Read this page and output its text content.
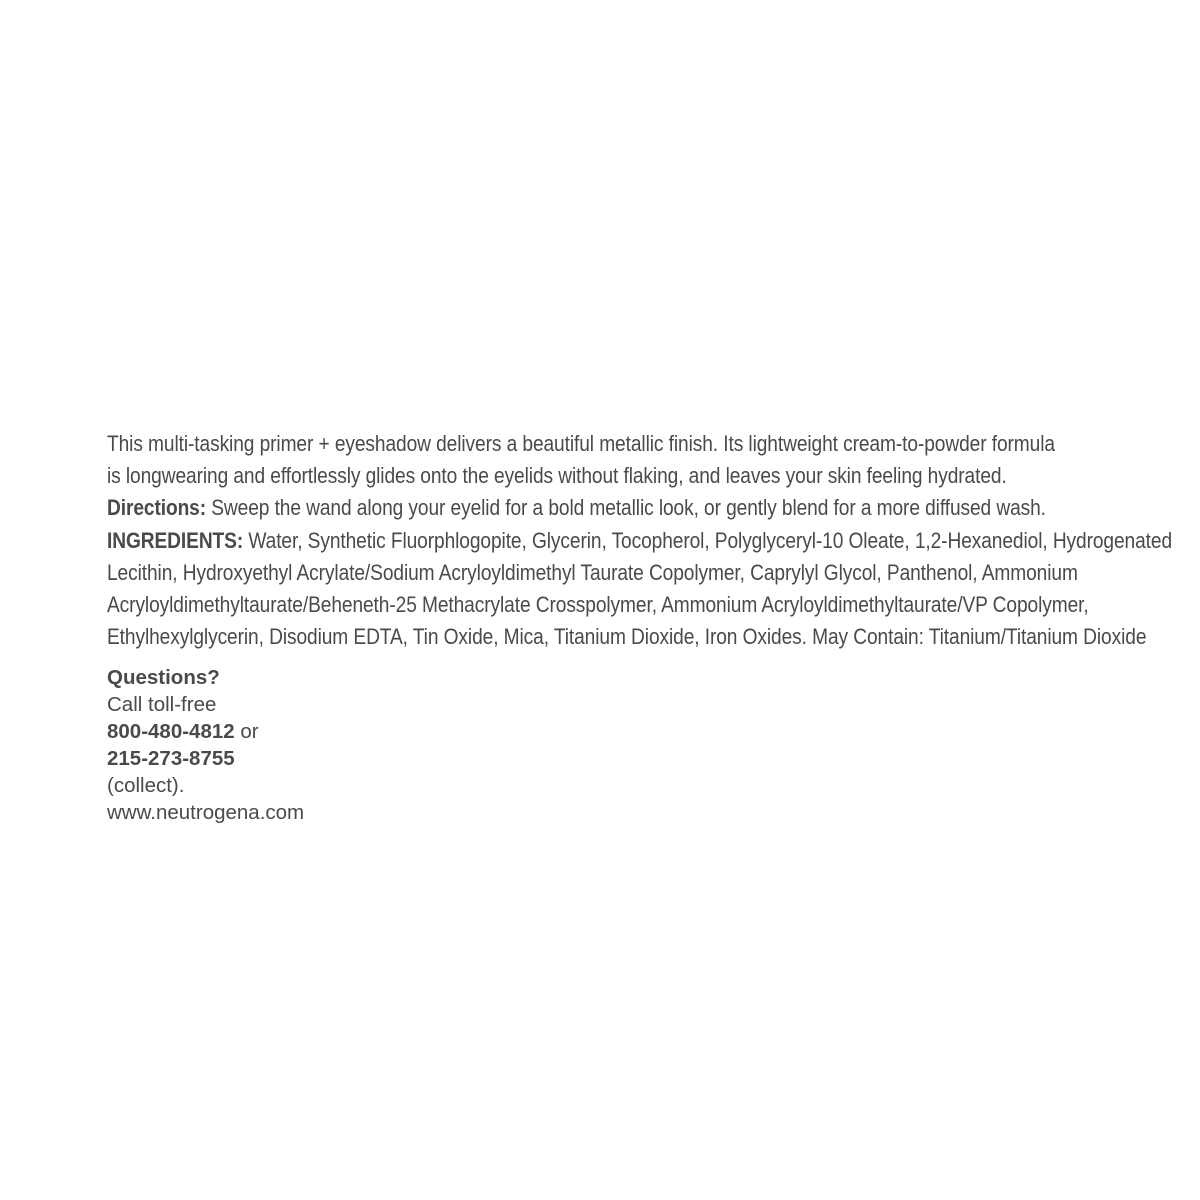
This multi-tasking primer + eyeshadow delivers a beautiful metallic finish. Its lightweight cream-to-powder formula
is longwearing and effortlessly glides onto the eyelids without flaking, and leaves your skin feeling hydrated.
Directions: Sweep the wand along your eyelid for a bold metallic look, or gently blend for a more diffused wash.
INGREDIENTS: Water, Synthetic Fluorphlogopite, Glycerin, Tocopherol, Polyglyceryl-10 Oleate, 1,2-Hexanediol, Hydrogenated
Lecithin, Hydroxyethyl Acrylate/Sodium Acryloyldimethyl Taurate Copolymer, Caprylyl Glycol, Panthenol, Ammonium
Acryloyldimethyltaurate/Beheneth-25 Methacrylate Crosspolymer, Ammonium Acryloyldimethyltaurate/VP Copolymer,
Ethylhexylglycerin, Disodium EDTA, Tin Oxide, Mica, Titanium Dioxide, Iron Oxides. May Contain: Titanium/Titanium Dioxide
Questions?
Call toll-free
800-480-4812 or
215-273-8755
(collect).
www.neutrogena.com
